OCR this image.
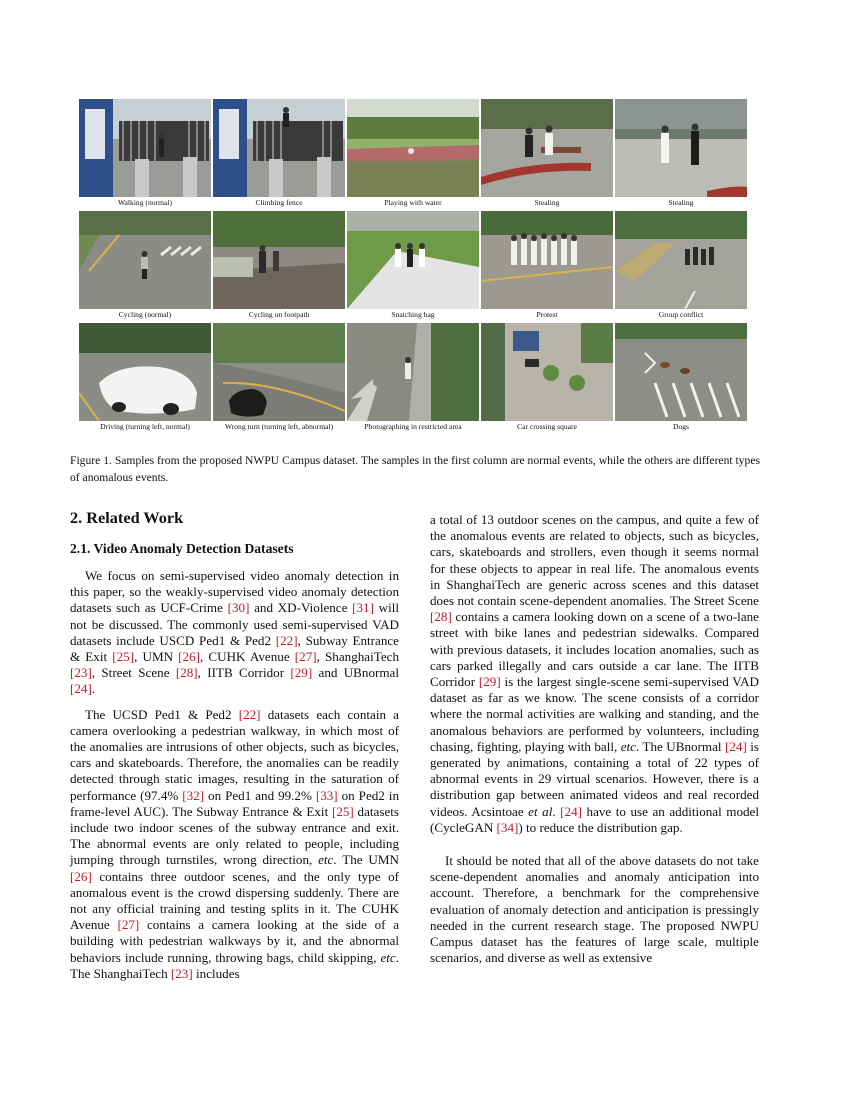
Walking (normal)	Climbing fence	Playing with water	Stealing	Stealing
Cycling (normal)	Cycling on footpath	Snatching bag	Protest	Group conflict
Driving (turning left, normal)	Wrong turn (turning left, abnormal)	Photographing in restricted area	Car crossing square	Dogs
Figure 1. Samples from the proposed NWPU Campus dataset. The samples in the first column are normal events, while the others are different types of anomalous events.
2. Related Work
2.1. Video Anomaly Detection Datasets

We focus on semi-supervised video anomaly detection in this paper, so the weakly-supervised video anomaly detection datasets such as UCF-Crime [30] and XD-Violence [31] will not be discussed. The commonly used semi-supervised VAD datasets include USCD Ped1 & Ped2 [22], Subway Entrance & Exit [25], UMN [26], CUHK Avenue [27], ShanghaiTech [23], Street Scene [28], IITB Corridor [29] and UBnormal [24].

The UCSD Ped1 & Ped2 [22] datasets each contain a camera overlooking a pedestrian walkway, in which most of the anomalies are intrusions of other objects, such as bicycles, cars and skateboards. Therefore, the anomalies can be readily detected through static images, resulting in the saturation of performance (97.4% [32] on Ped1 and 99.2% [33] on Ped2 in frame-level AUC). The Subway Entrance & Exit [25] datasets include two indoor scenes of the subway entrance and exit. The abnormal events are only related to people, including jumping through turnstiles, wrong direction, etc. The UMN [26] contains three outdoor scenes, and the only type of anomalous event is the crowd dispersing suddenly. There are not any official training and testing splits in it. The CUHK Avenue [27] contains a camera looking at the side of a building with pedestrian walkways by it, and the abnormal behaviors include running, throwing bags, child skipping, etc. The ShanghaiTech [23] includes

a total of 13 outdoor scenes on the campus, and quite a few of the anomalous events are related to objects, such as bicycles, cars, skateboards and strollers, even though it seems normal for these objects to appear in real life. The anomalous events in ShanghaiTech are generic across scenes and this dataset does not contain scene-dependent anomalies. The Street Scene [28] contains a camera looking down on a scene of a two-lane street with bike lanes and pedestrian sidewalks. Compared with previous datasets, it includes location anomalies, such as cars parked illegally and cars outside a car lane. The IITB Corridor [29] is the largest single-scene semi-supervised VAD dataset as far as we know. The scene consists of a corridor where the normal activities are walking and standing, and the anomalous behaviors are performed by volunteers, including chasing, fighting, playing with ball, etc. The UBnormal [24] is generated by animations, containing a total of 22 types of abnormal events in 29 virtual scenarios. However, there is a distribution gap between animated videos and real recorded videos. Acsintoae et al. [24] have to use an additional model (CycleGAN [34]) to reduce the distribution gap.

It should be noted that all of the above datasets do not take scene-dependent anomalies and anomaly anticipation into account. Therefore, a benchmark for the comprehensive evaluation of anomaly detection and anticipation is pressingly needed in the current research stage. The proposed NWPU Campus dataset has the features of large scale, multiple scenarios, and diverse as well as extensive
